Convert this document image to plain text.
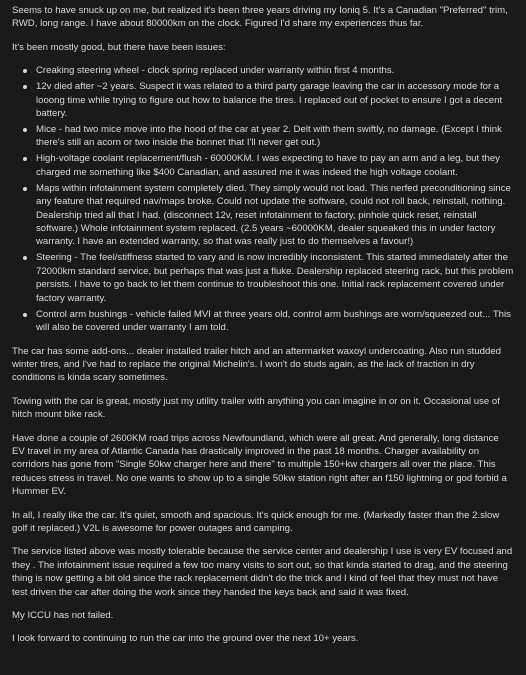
Seems to have snuck up on me, but realized it's been three years driving my Ioniq 5. It's a Canadian "Preferred" trim, RWD, long range. I have about 80000km on the clock. Figured I'd share my experiences thus far.

It's been mostly good, but there have been issues:

Creaking steering wheel - clock spring replaced under warranty within first 4 months.
12v died after ~2 years. Suspect it was related to a third party garage leaving the car in accessory mode for a looong time while trying to figure out how to balance the tires. I replaced out of pocket to ensure I got a decent battery.
Mice - had two mice move into the hood of the car at year 2. Delt with them swiftly, no damage. (Except I think there's still an acorn or two inside the bonnet that I'll never get out.)
High-voltage coolant replacement/flush - 60000KM. I was expecting to have to pay an arm and a leg, but they charged me something like $400 Canadian, and assured me it was indeed the high voltage coolant.
Maps within infotainment system completely died. They simply would not load. This nerfed preconditioning since any feature that required nav/maps broke. Could not update the software, could not roll back, reinstall, nothing. Dealership tried all that I had. (disconnect 12v, reset infotainment to factory, pinhole quick reset, reinstall software.) Whole infotainment system replaced. (2.5 years ~60000KM, dealer squeaked this in under factory warranty. I have an extended warranty, so that was really just to do themselves a favour!)
Steering - The feel/stiffness started to vary and is now incredibly inconsistent. This started immediately after the 72000km standard service, but perhaps that was just a fluke. Dealership replaced steering rack, but this problem persists. I have to go back to let them continue to troubleshoot this one. Initial rack replacement covered under factory warranty.
Control arm bushings - vehicle failed MVI at three years old, control arm bushings are worn/squeezed out... This will also be covered under warranty I am told.

The car has some add-ons... dealer installed trailer hitch and an aftermarket waxoyl undercoating. Also run studded winter tires, and I've had to replace the original Michelin's. I won't do studs again, as the lack of traction in dry conditions is kinda scary sometimes.

Towing with the car is great, mostly just my utility trailer with anything you can imagine in or on it. Occasional use of hitch mount bike rack.

Have done a couple of 2600KM road trips across Newfoundland, which were all great. And generally, long distance EV travel in my area of Atlantic Canada has drastically improved in the past 18 months. Charger availability on corridors has gone from "Single 50kw charger here and there" to multiple 150+kw chargers all over the place. This reduces stress in travel. No one wants to show up to a single 50kw station right after an f150 lightning or god forbid a Hummer EV.

In all, I really like the car. It's quiet, smooth and spacious. It's quick enough for me. (Markedly faster than the 2.slow golf it replaced.) V2L is awesome for power outages and camping.

The service listed above was mostly tolerable because the service center and dealership I use is very EV focused and they . The infotainment issue required a few too many visits to sort out, so that kinda started to drag, and the steering thing is now getting a bit old since the rack replacement didn't do the trick and I kind of feel that they must not have test driven the car after doing the work since they handed the keys back and said it was fixed.

My ICCU has not failed.

I look forward to continuing to run the car into the ground over the next 10+ years.
